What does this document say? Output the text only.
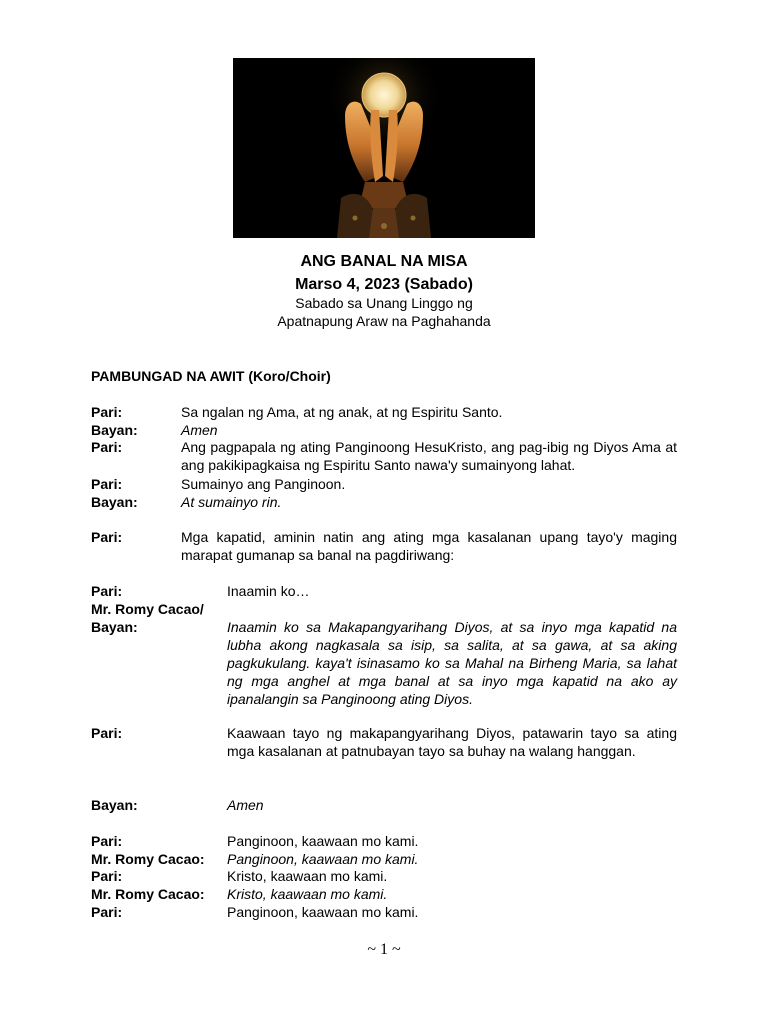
ANG BANAL NA MISA
Marso 4, 2023 (Sabado)
Sabado sa Unang Linggo ng
Apatnapung Araw na Paghahanda
PAMBUNGAD NA AWIT (Koro/Choir)
Pari:	Sa ngalan ng Ama, at ng anak, at ng Espiritu Santo.
Bayan:	Amen
Pari:	Ang pagpapala ng ating Panginoong HesuKristo, ang pag-ibig ng Diyos Ama at ang pakikipagkaisa ng Espiritu Santo nawa'y sumainyong lahat.
Pari:	Sumainyo ang Panginoon.
Bayan:	At sumainyo rin.
Pari:	Mga kapatid, aminin natin ang ating mga kasalanan upang tayo'y maging marapat gumanap sa banal na pagdiriwang:
Pari:	Inaamin ko…
Mr. Romy Cacao/
Bayan:	Inaamin ko sa Makapangyarihang Diyos, at sa inyo mga kapatid na lubha akong nagkasala sa isip, sa salita, at sa gawa, at sa aking pagkukulang. kaya't isinasamo ko sa Mahal na Birheng Maria, sa lahat ng mga anghel at mga banal at sa inyo mga kapatid na ako ay ipanalangin sa Panginoong ating Diyos.
Pari:	Kaawaan tayo ng makapangyarihang Diyos, patawarin tayo sa ating mga kasalanan at patnubayan tayo sa buhay na walang hanggan.
Bayan:	Amen
Pari:	Panginoon, kaawaan mo kami.
Mr. Romy Cacao: Panginoon, kaawaan mo kami.
Pari:	Kristo, kaawaan mo kami.
Mr. Romy Cacao: Kristo, kaawaan mo kami.
Pari:	Panginoon, kaawaan mo kami.
~ 1 ~
